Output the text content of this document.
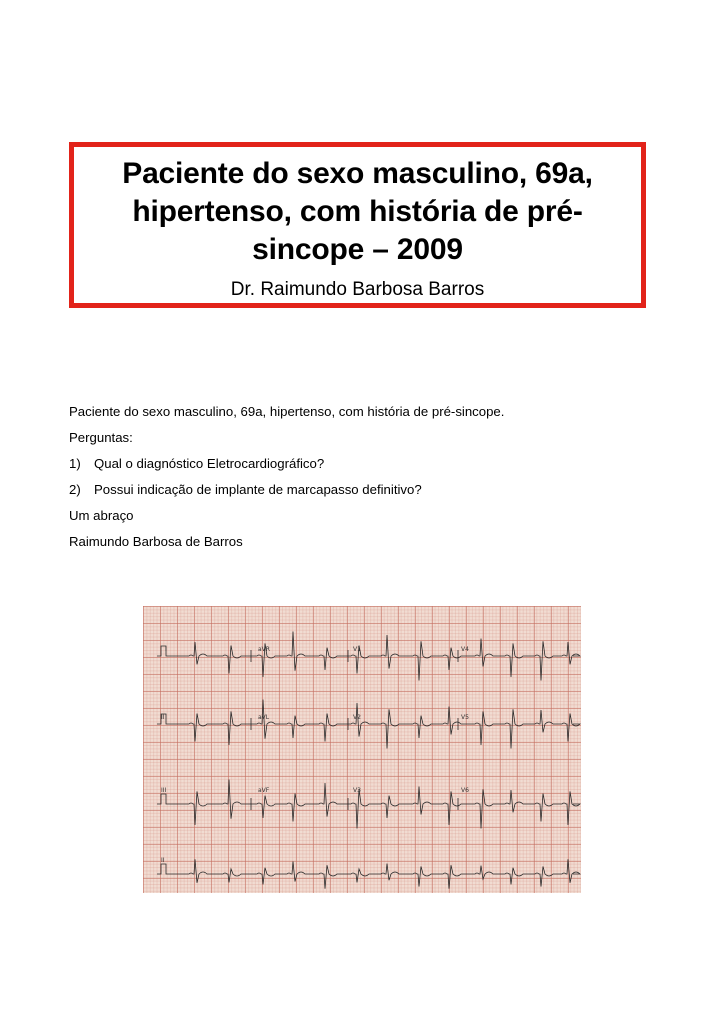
Paciente do sexo masculino, 69a, hipertenso, com história de pré-sincope – 2009
Dr. Raimundo Barbosa Barros

Paciente do sexo masculino, 69a, hipertenso, com história de pré-sincope.

Perguntas:

1)	Qual o diagnóstico Eletrocardiográfico?

2)	Possui indicação de implante de marcapasso definitivo?

Um abraço

Raimundo Barbosa de Barros

I	aVR	V1	V4
II	aVL	V2	V5
III	aVF	V3	V6
II
